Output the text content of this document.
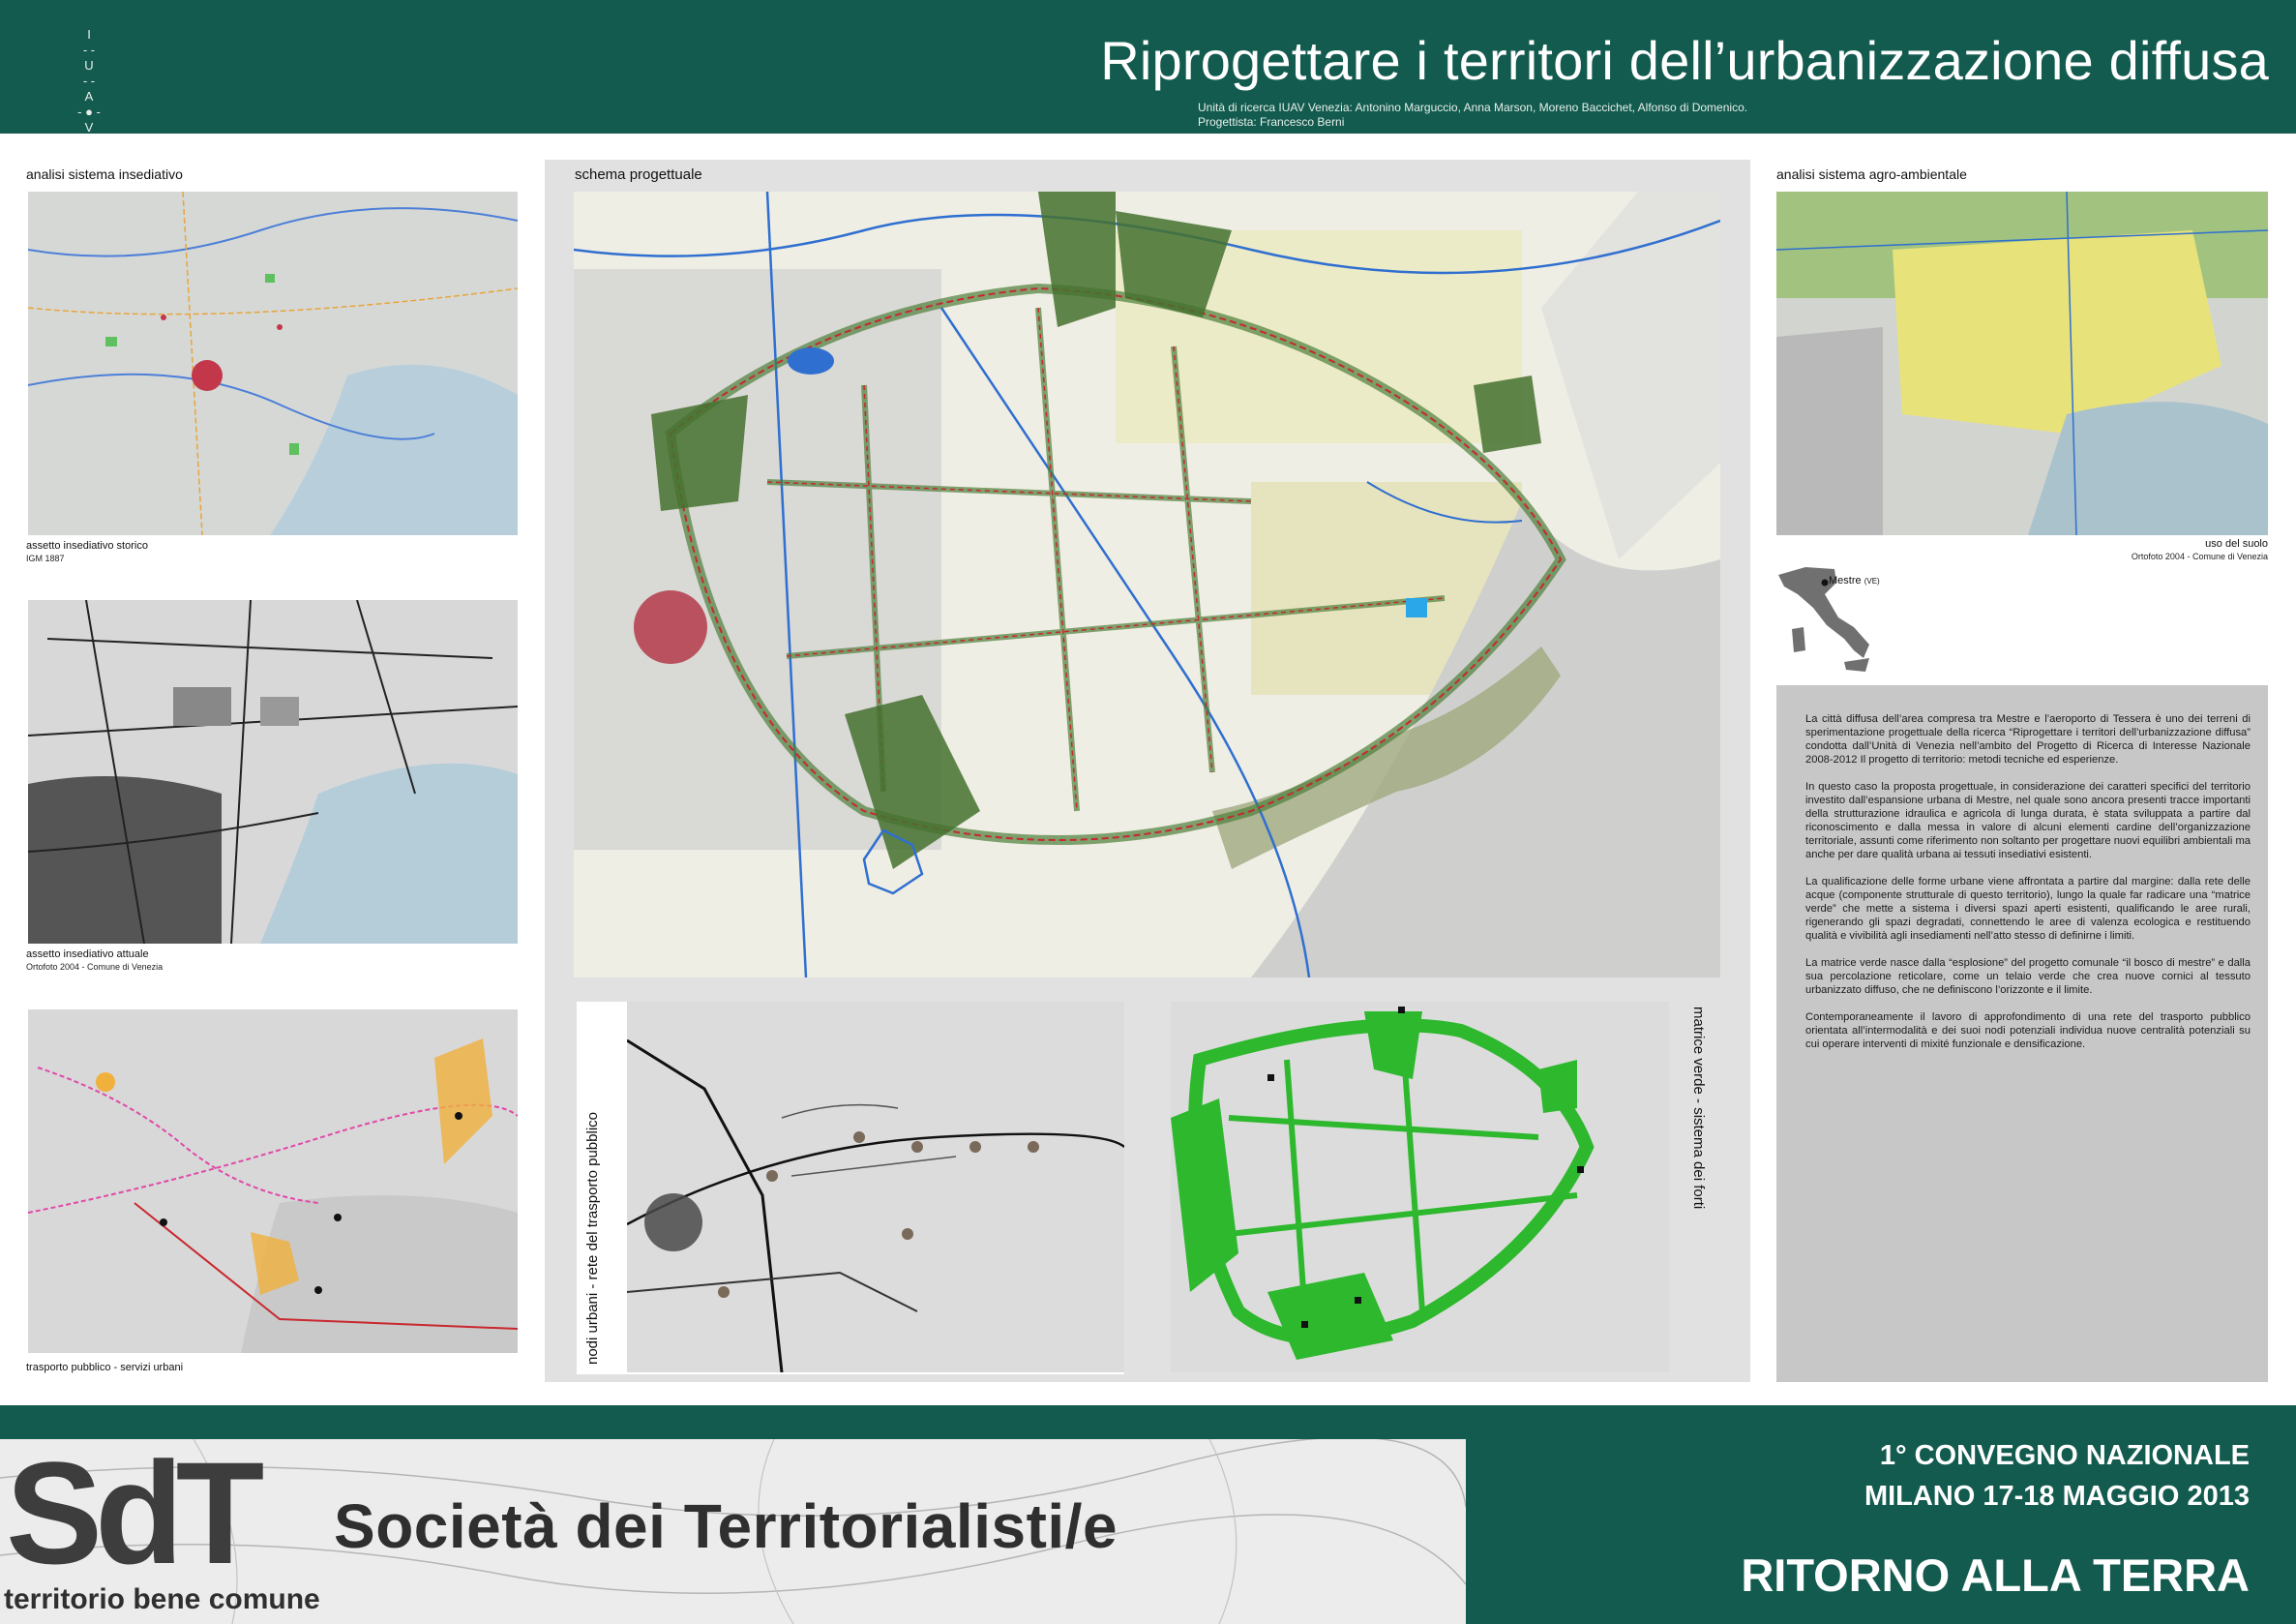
I
- -
U
- -
A
- ● -
V
Riprogettare i territori dell’urbanizzazione diffusa
Unità di ricerca IUAV Venezia: Antonino Marguccio, Anna Marson, Moreno Baccichet, Alfonso di Domenico.
Progettista: Francesco Berni
analisi sistema insediativo
assetto insediativo storico
IGM 1887
assetto insediativo attuale
Ortofoto 2004 - Comune di Venezia
trasporto pubblico - servizi urbani
schema progettuale
nodi urbani - rete del trasporto pubblico
matrice verde - sistema dei forti
analisi sistema agro-ambientale
uso del suolo
Ortofoto 2004 - Comune di Venezia
Mestre (VE)

La città diffusa dell’area compresa tra Mestre e l’aeroporto di Tessera è uno dei terreni di sperimentazione progettuale della ricerca “Riprogettare i territori dell’urbanizzazione diffusa” condotta dall’Unità di Venezia nell’ambito del Progetto di Ricerca di Interesse Nazionale 2008-2012 Il progetto di territorio: metodi tecniche ed esperienze.

In questo caso la proposta progettuale, in considerazione dei caratteri specifici del territorio investito dall’espansione urbana di Mestre, nel quale sono ancora presenti tracce importanti della strutturazione idraulica e agricola di lunga durata, è stata sviluppata a partire dal riconoscimento e dalla messa in valore di alcuni elementi cardine dell’organizzazione territoriale, assunti come riferimento non soltanto per progettare nuovi equilibri ambientali ma anche per dare qualità urbana ai tessuti insediativi esistenti.

La qualificazione delle forme urbane viene affrontata a partire dal margine: dalla rete delle acque (componente strutturale di questo territorio), lungo la quale far radicare una “matrice verde” che mette a sistema i diversi spazi aperti esistenti, qualificando le aree rurali, rigenerando gli spazi degradati, connettendo le aree di valenza ecologica e restituendo qualità e vivibilità agli insediamenti nell’atto stesso di definirne i limiti.

La matrice verde nasce dalla “esplosione” del progetto comunale “il bosco di mestre” e dalla sua percolazione reticolare, come un telaio verde che crea nuove cornici al tessuto urbanizzato diffuso, che ne definiscono l’orizzonte e il limite.

Contemporaneamente il lavoro di approfondimento di una rete del trasporto pubblico orientata all’intermodalità e dei suoi nodi potenziali individua nuove centralità potenziali su cui operare interventi di mixité funzionale e densificazione.

SdT Società dei Territorialisti/e
territorio bene comune
1° CONVEGNO NAZIONALE
MILANO 17-18 MAGGIO 2013
RITORNO ALLA TERRA
